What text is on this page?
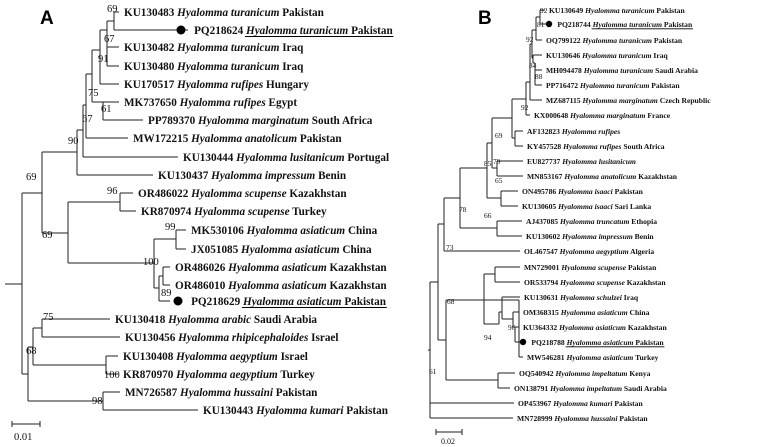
A	KU130483 Hyalomma turanicum Pakistan
PQ218624 Hyalomma turanicum Pakistan
KU130482 Hyalomma turanicum Iraq
KU130480 Hyalomma turanicum Iraq
KU170517 Hyalomma rufipes Hungary
MK737650 Hyalomma rufipes Egypt
PP789370 Hyalomma marginatum South Africa
MW172215 Hyalomma anatolicum Pakistan
KU130444 Hyalomma lusitanicum Portugal
KU130437 Hyalomma impressum Benin
OR486022 Hyalomma scupense Kazakhstan
KR870974 Hyalomma scupense Turkey
MK530106 Hyalomma asiaticum China
JX051085 Hyalomma asiaticum China
OR486026 Hyalomma asiaticum Kazakhstan
OR486010 Hyalomma asiaticum Kazakhstan
PQ218629 Hyalomma asiaticum Pakistan
KU130418 Hyalomma arabic Saudi Arabia
KU130456 Hyalomma rhipicephaloides Israel
KU130408 Hyalomma aegyptium Israel
KR870970 Hyalomma aegyptium Turkey
MN726587 Hyalomma hussaini Pakistan
KU130443 Hyalomma kumari Pakistan
69
67
91
75
61
67
90
69
96
69
99
100
89
75
68
100
98
0.01
B	KU130649 Hyalomma turanicum Pakistan
PQ218744 Hyalomma turanicum Pakistan
OQ799122 Hyalomma turanicum Pakistan
KU130646 Hyalomma turanicum Iraq
MH094478 Hyalomma turanicum Saudi Arabia
PP716472 Hyalomma turanicum Pakistan
MZ687115 Hyalomma marginatum Czech Republic
KX000648 Hyalomma marginatum France
AF132823 Hyalomma rufipes
KY457528 Hyalomma rufipes South Africa
EU827737 Hyalomma lusitanicum
MN853167 Hyalomma anatolicum Kazakhstan
ON495786 Hyalomma isaaci Pakistan
KU130605 Hyalomma isaaci Sari Lanka
AJ437085 Hyalomma truncatum Ethopia
KU130602 Hyalomma impressum Benin
OL467547 Hyalomma aegyptium Algeria
MN729001 Hyalomma scupense Pakistan
OR533794 Hyalomma scupense Kazakhstan
KU130631 Hyalomma schulzei Iraq
OM368315 Hyalomma asiaticum China
KU364332 Hyalomma asiaticum Kazakhstan
PQ218788 Hyalomma asiaticum Pakistan
MW546281 Hyalomma asiaticum Turkey
OQ540942 Hyalomma impeltatum Kenya
ON138791 Hyalomma impeltatum Saudi Arabia
OP453967 Hyalomma kumari Pakistan
MN728999 Hyalomma hussaini Pakistan
92
81
92
84
88
92
69
79
65
85
66
78
73
68
94
96
61
0.02
